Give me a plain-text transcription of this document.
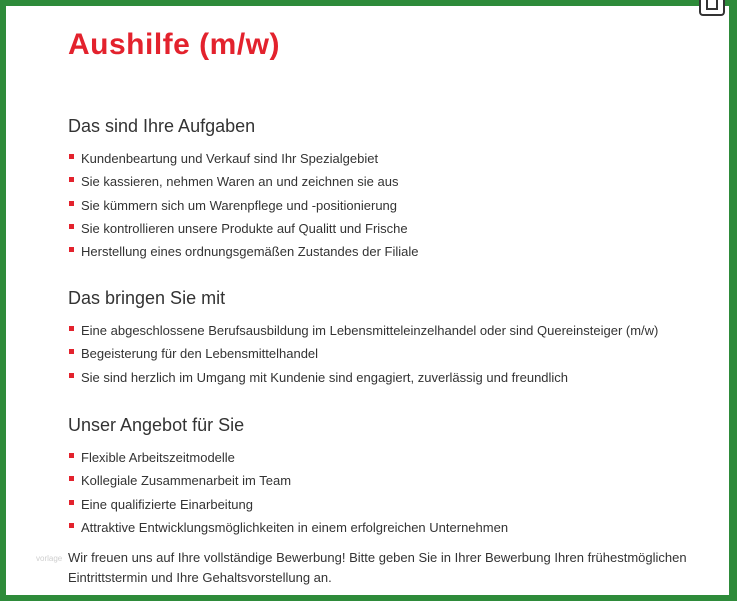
Aushilfe (m/w)
Das sind Ihre Aufgaben
Kundenbeartung und Verkauf sind Ihr Spezialgebiet
Sie kassieren, nehmen Waren an und zeichnen sie aus
Sie kümmern sich um Warenpflege und -positionierung
Sie kontrollieren unsere Produkte auf Qualitt und Frische
Herstellung eines ordnungsgemäßen Zustandes der Filiale
Das bringen Sie mit
Eine abgeschlossene Berufsausbildung im Lebensmitteleinzelhandel oder sind Quereinsteiger (m/w)
Begeisterung für den Lebensmittelhandel
Sie sind herzlich im Umgang mit Kundenie sind engagiert, zuverlässig und freundlich
Unser Angebot für Sie
Flexible Arbeitszeitmodelle
Kollegiale Zusammenarbeit im Team
Eine qualifizierte Einarbeitung
Attraktive Entwicklungsmöglichkeiten in einem erfolgreichen Unternehmen
vorlage Wir freuen uns auf Ihre vollständige Bewerbung! Bitte geben Sie in Ihrer Bewerbung Ihren frühestmöglichen Eintrittstermin und Ihre Gehaltsvorstellung an.
